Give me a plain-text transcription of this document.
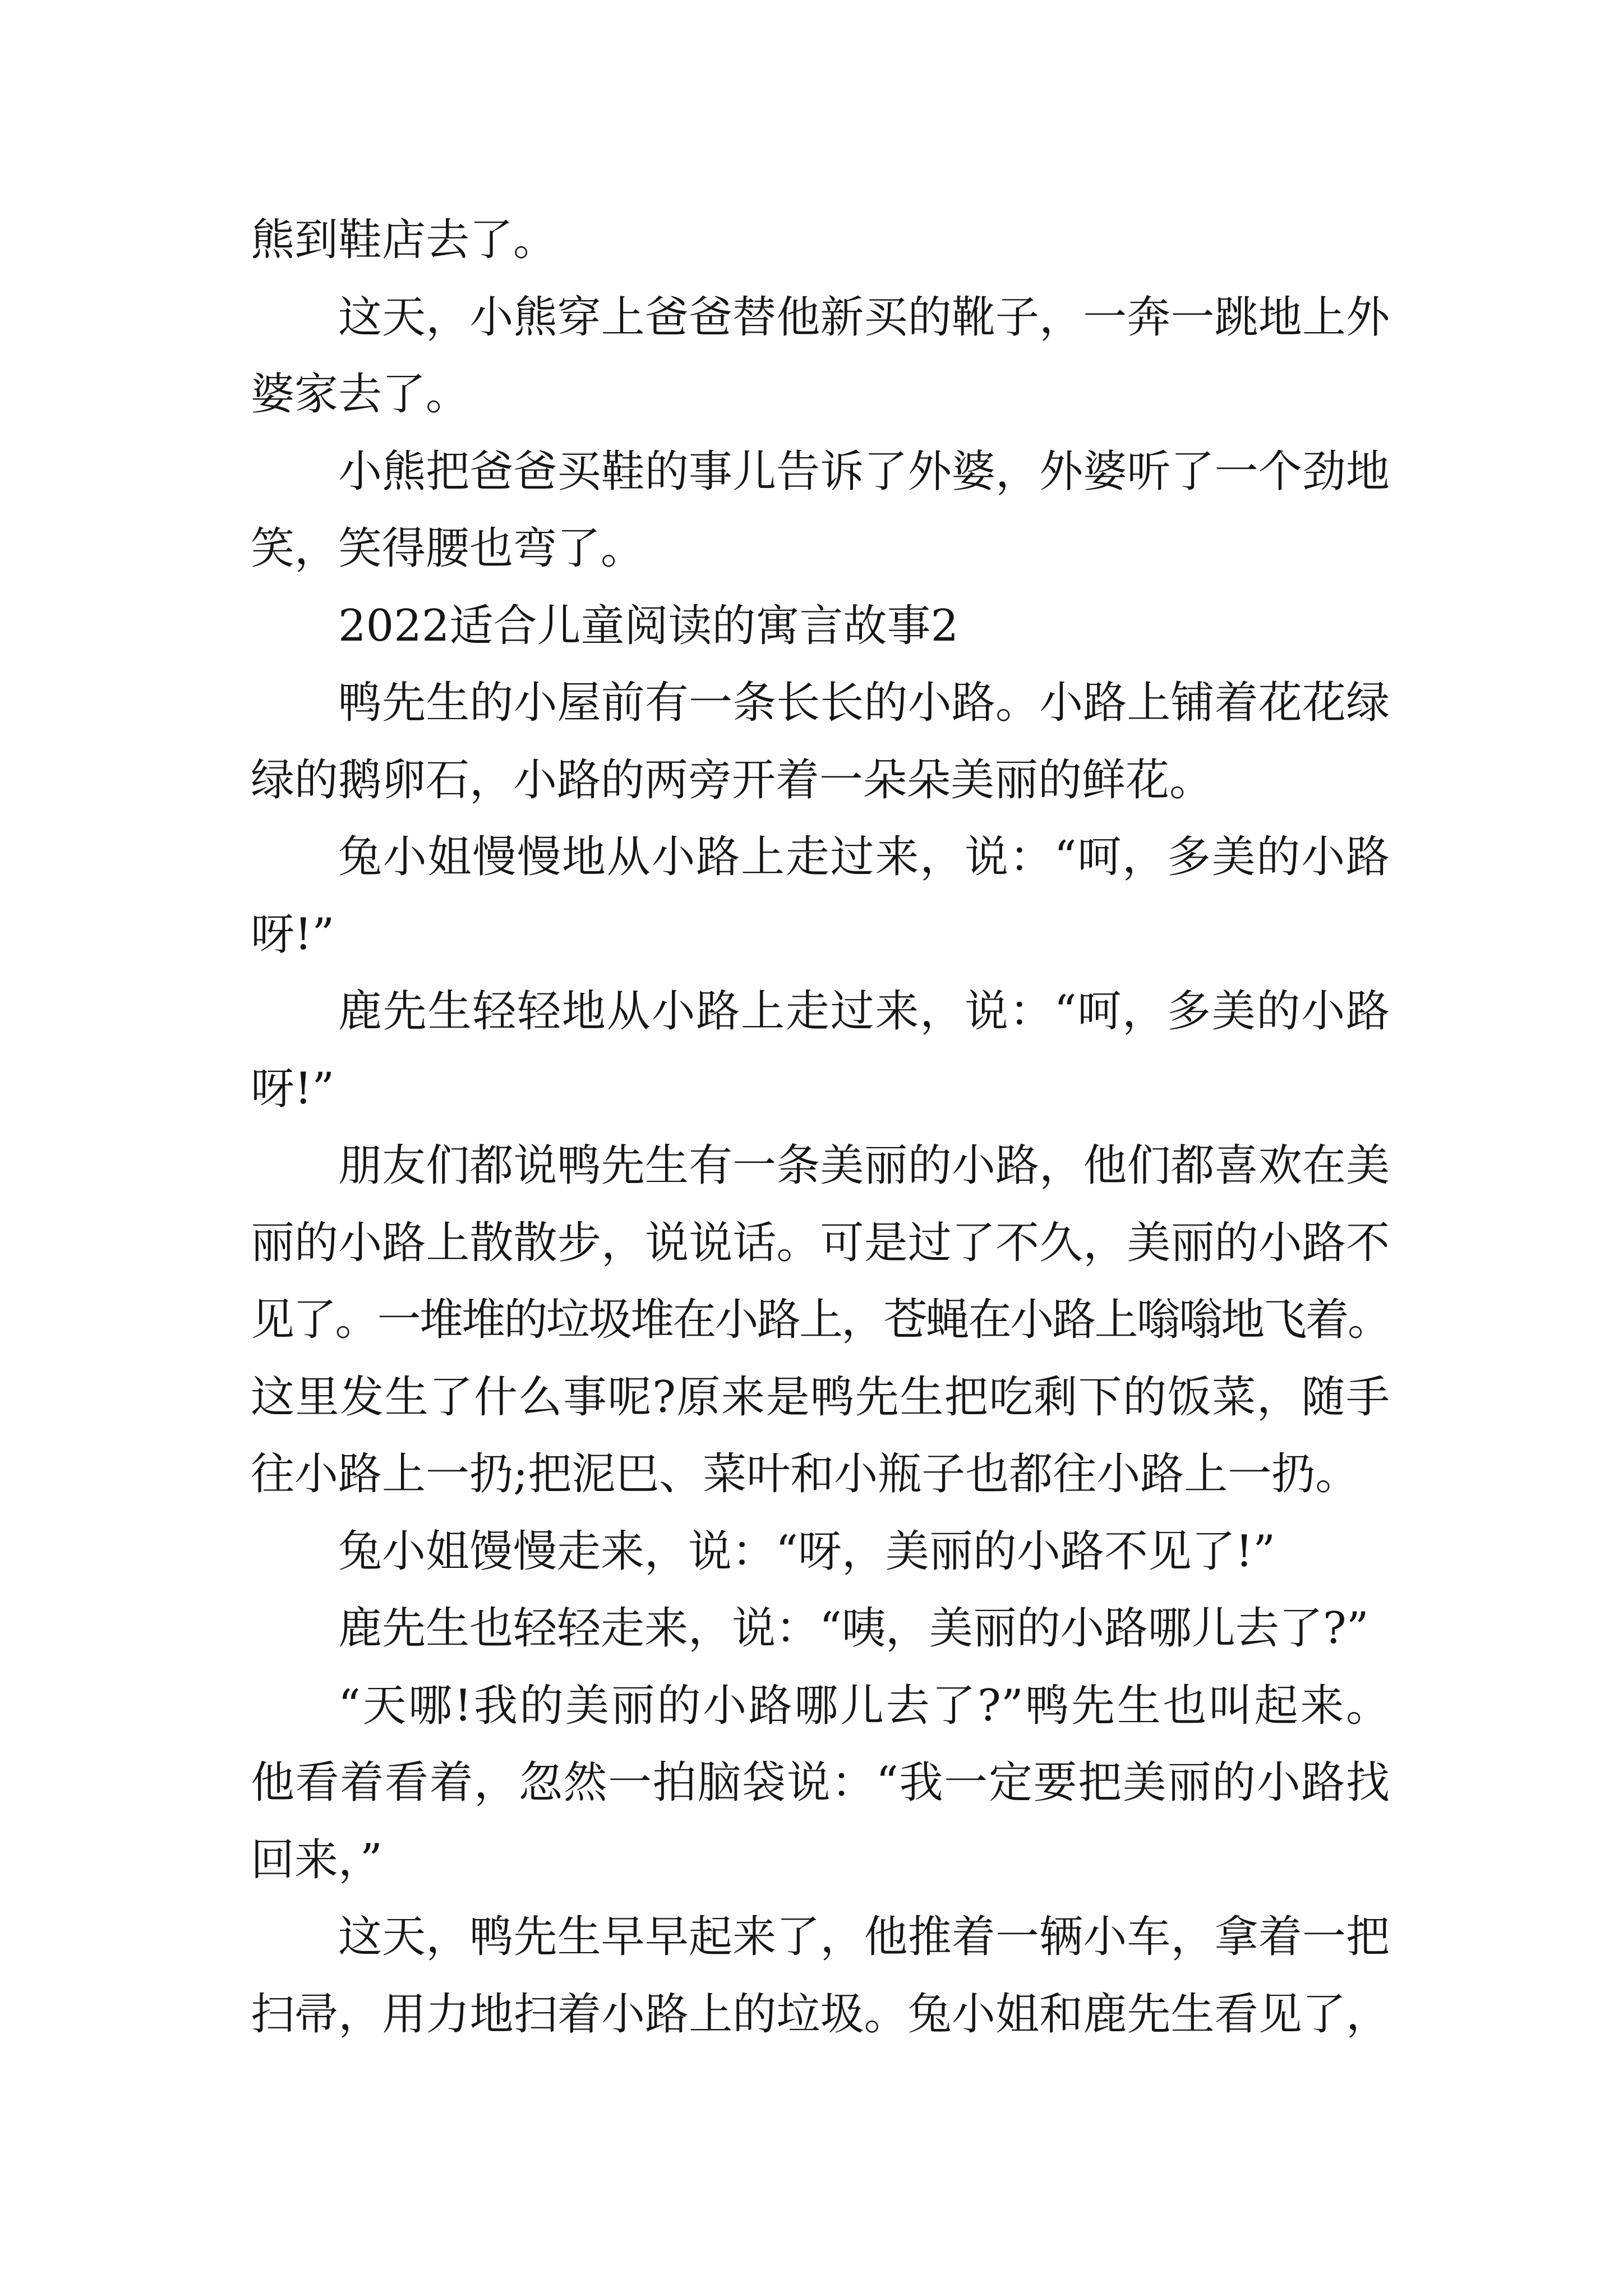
熊到鞋店去了。
这天，小熊穿上爸爸替他新买的靴子，一奔一跳地上外
婆家去了。
小熊把爸爸买鞋的事儿告诉了外婆，外婆听了一个劲地
笑，笑得腰也弯了。
2022适合儿童阅读的寓言故事2
鸭先生的小屋前有一条长长的小路。小路上铺着花花绿
绿的鹅卵石，小路的两旁开着一朵朵美丽的鲜花。
兔小姐慢慢地从小路上走过来，说：“呵，多美的小路
呀!”
鹿先生轻轻地从小路上走过来，说：“呵，多美的小路
呀!”
朋友们都说鸭先生有一条美丽的小路，他们都喜欢在美
丽的小路上散散步，说说话。可是过了不久，美丽的小路不
见了。一堆堆的垃圾堆在小路上，苍蝇在小路上嗡嗡地飞着。
这里发生了什么事呢?原来是鸭先生把吃剩下的饭菜，随手
往小路上一扔;把泥巴、菜叶和小瓶子也都往小路上一扔。
兔小姐馒慢走来，说：“呀，美丽的小路不见了!”
鹿先生也轻轻走来，说：“咦，美丽的小路哪儿去了?”
“天哪!我的美丽的小路哪儿去了?”鸭先生也叫起来。
他看着看着，忽然一拍脑袋说：“我一定要把美丽的小路找
回来，”
这天，鸭先生早早起来了，他推着一辆小车，拿着一把
扫帚，用力地扫着小路上的垃圾。兔小姐和鹿先生看见了，
